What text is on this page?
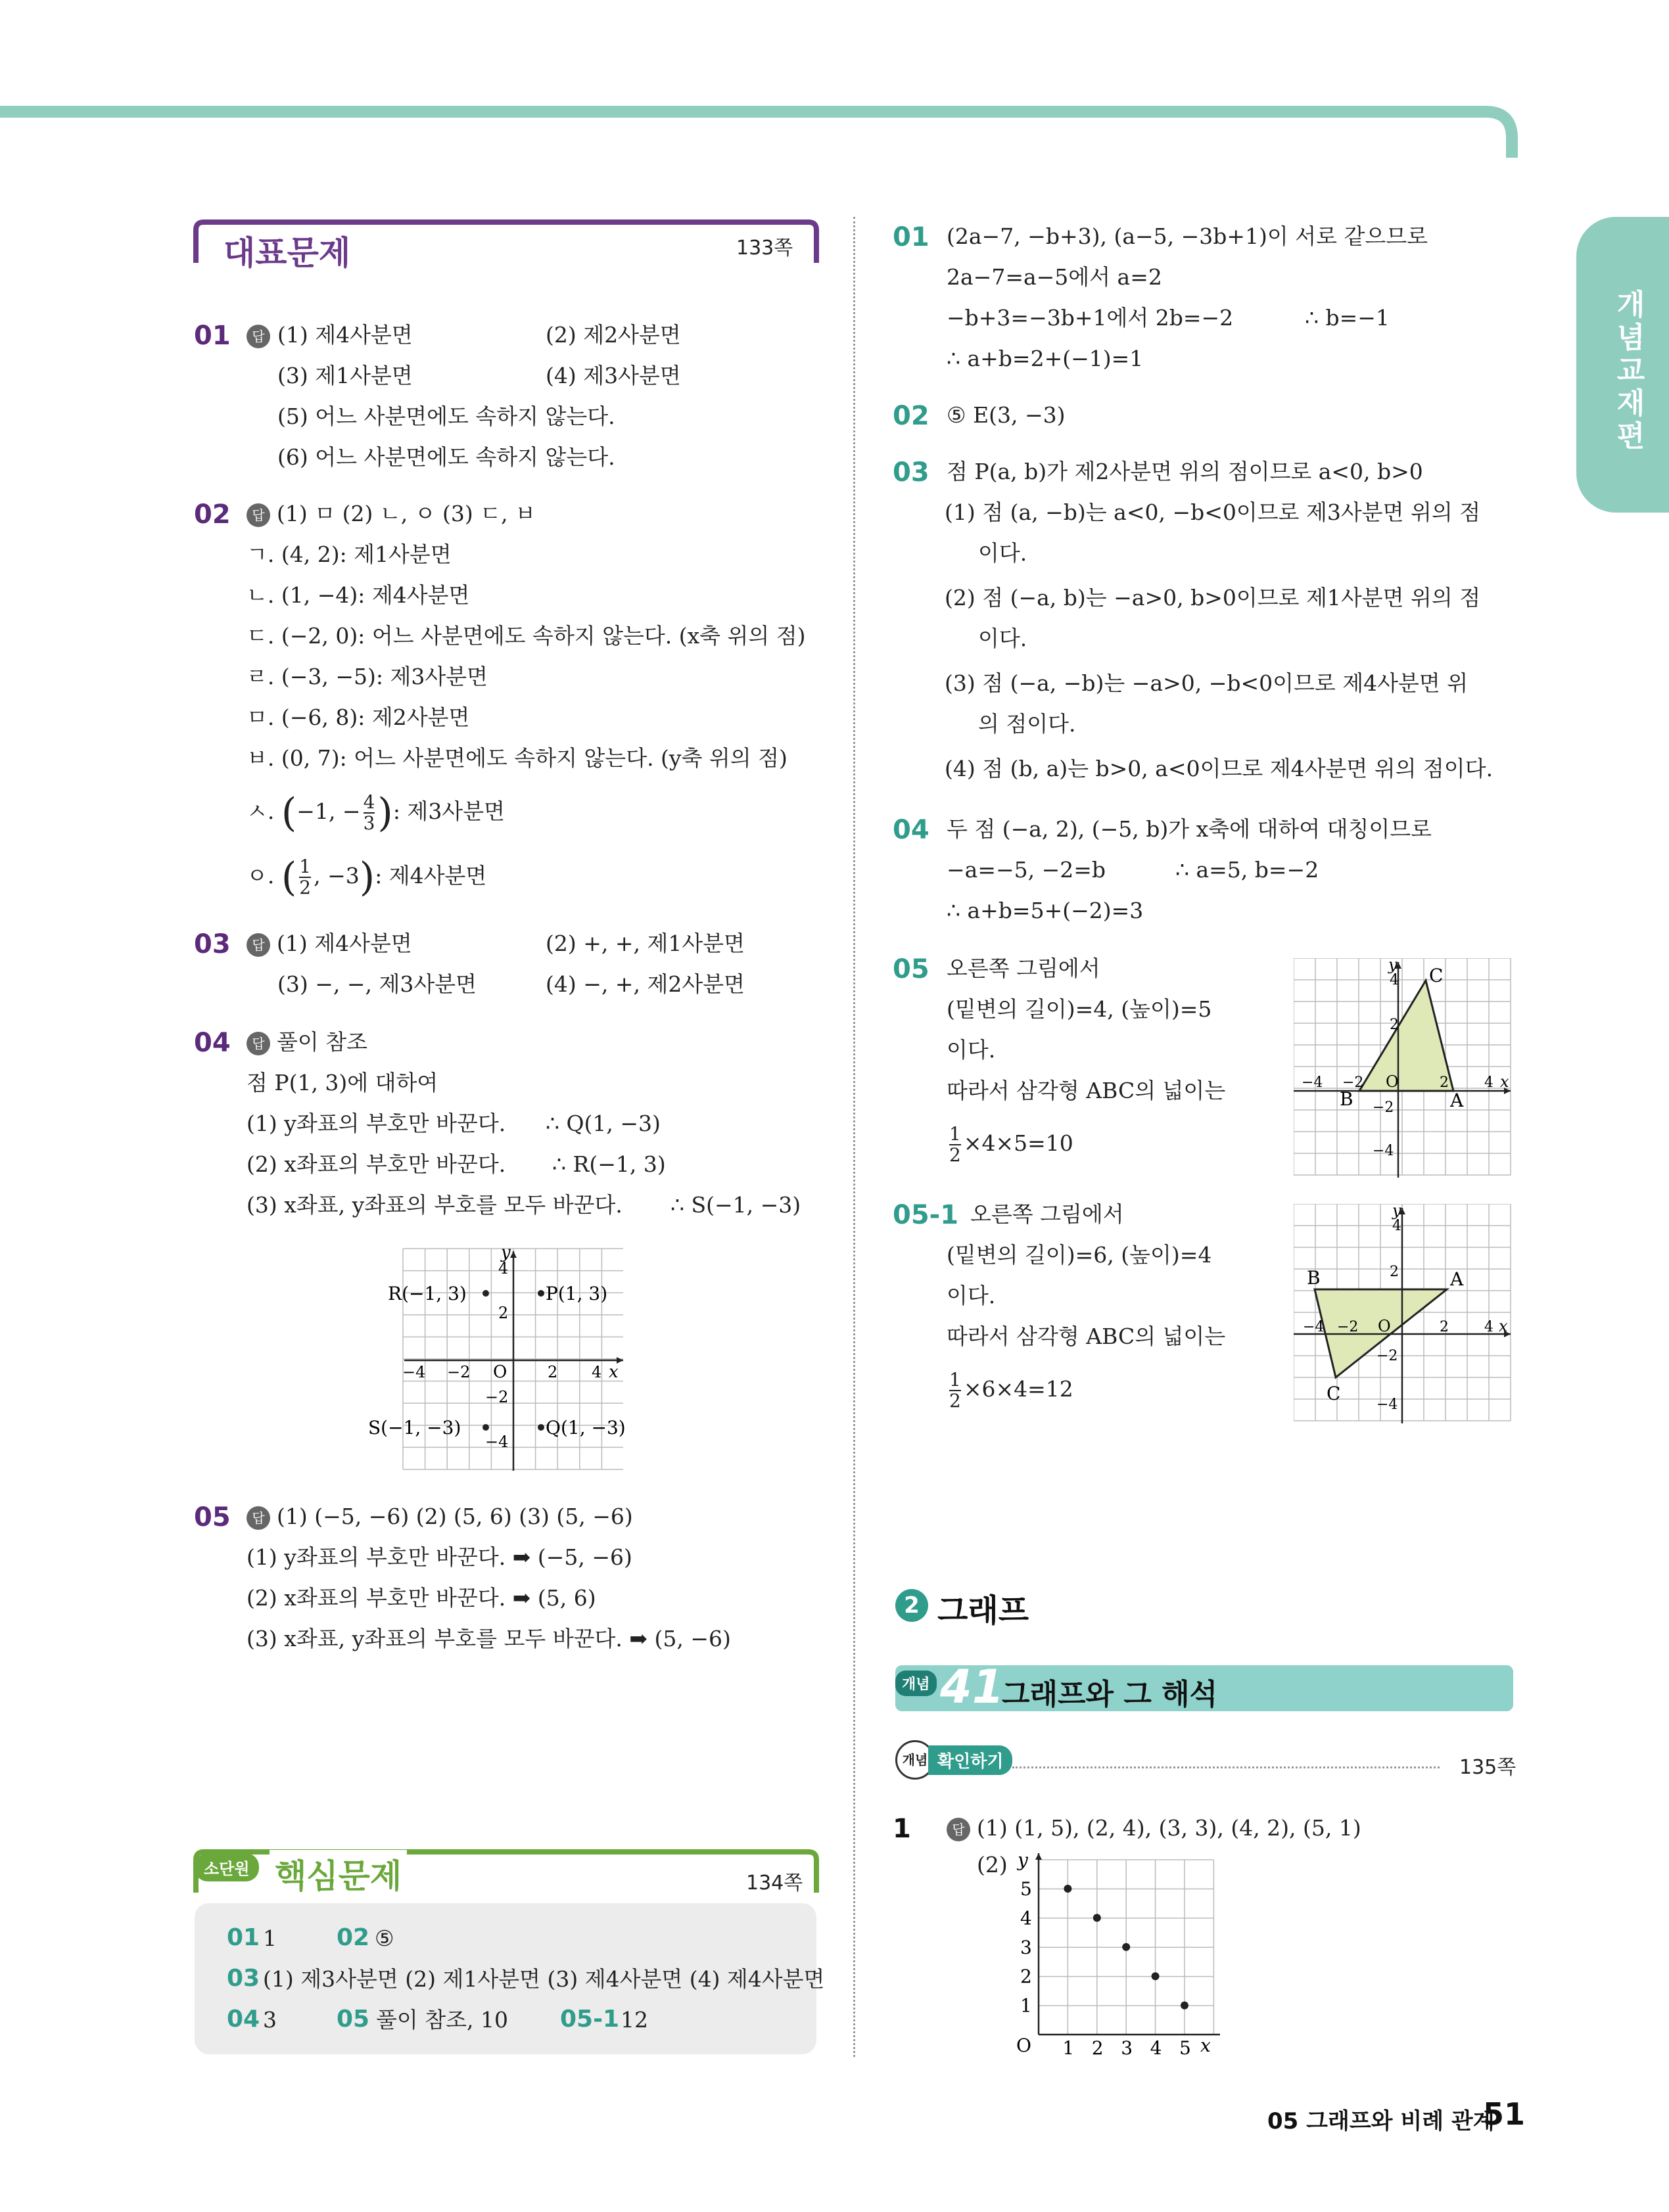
개념교재편
대표문제	133쪽
01	답 (1) 제4사분면	(2) 제2사분면
(3) 제1사분면	(4) 제3사분면
(5) 어느 사분면에도 속하지 않는다.
(6) 어느 사분면에도 속하지 않는다.
02	답 (1) ㅁ (2) ㄴ, ㅇ (3) ㄷ, ㅂ
ㄱ. (4, 2): 제1사분면
ㄴ. (1, −4): 제4사분면
ㄷ. (−2, 0): 어느 사분면에도 속하지 않는다. (x축 위의 점)
ㄹ. (−3, −5): 제3사분면
ㅁ. (−6, 8): 제2사분면
ㅂ. (0, 7): 어느 사분면에도 속하지 않는다. (y축 위의 점)
ㅅ. (−1, − $\frac{4}{3}$ ): 제3사분면
ㅇ. ( $\frac{1}{2}$ , −3): 제4사분면
03	답 (1) 제4사분면	(2) +, +, 제1사분면
(3) −, −, 제3사분면	(4) −, +, 제2사분면
04	답 풀이 참조
점 P(1, 3)에 대하여
(1) y좌표의 부호만 바꾼다. ∴ Q(1, −3)
(2) x좌표의 부호만 바꾼다. ∴ R(−1, 3)
(3) x좌표, y좌표의 부호를 모두 바꾼다. ∴ S(−1, −3)
y
x
O
4
2
−2
−4
−4 −2	2 4
P(1, 3)
R(−1, 3)
S(−1, −3)	Q(1, −3)
05	답 (1) (−5, −6) (2) (5, 6) (3) (5, −6)
(1) y좌표의 부호만 바꾼다. ➡ (−5, −6)
(2) x좌표의 부호만 바꾼다. ➡ (5, 6)
(3) x좌표, y좌표의 부호를 모두 바꾼다. ➡ (5, −6)
소단원 핵심문제	134쪽
01 1	02 ⑤
03 (1) 제3사분면 (2) 제1사분면 (3) 제4사분면 (4) 제4사분면
04 3	05 풀이 참조, 10 05-1 12
01 (2a−7, −b+3), (a−5, −3b+1)이 서로 같으므로
2a−7=a−5에서 a=2
−b+3=−3b+1에서 2b=−2	∴ b=−1
∴ a+b=2+(−1)=1
02 ⑤ E(3, −3)
03 점 P(a, b)가 제2사분면 위의 점이므로 a<0, b>0
(1) 점 (a, −b)는 a<0, −b<0이므로 제3사분면 위의 점
이다.
(2) 점 (−a, b)는 −a>0, b>0이므로 제1사분면 위의 점
이다.
(3) 점 (−a, −b)는 −a>0, −b<0이므로 제4사분면 위
의 점이다.
(4) 점 (b, a)는 b>0, a<0이므로 제4사분면 위의 점이다.
04 두 점 (−a, 2), (−5, b)가 x축에 대하여 대칭이므로
−a=−5, −2=b	∴ a=5, b=−2
∴ a+b=5+(−2)=3
05 오른쪽 그림에서
(밑변의 길이)=4, (높이)=5
이다.
따라서 삼각형 ABC의 넓이는
$\frac{1}{2} \times 4\times 5=10$
y
x
O
4
2
−2
−4
−4 −2	2 4
B
C
A
05-1 오른쪽 그림에서
(밑변의 길이)=6, (높이)=4
이다.
따라서 삼각형 ABC의 넓이는
$\frac{1}{2} \times 6\times 4=12$
y
x
O
4
2
−2
−4
−4 −2	2 4
B	A
C
2 그래프
개념 41
그래프와 그 해석
개념 확인하기	135쪽
1	답 (1) (1, 5), (2, 4), (3, 3), (4, 2), (5, 1)
(2)
O
y
x
1
1
2
2
3
3
4
4
5
5
05 그래프와 비례 관계
51
